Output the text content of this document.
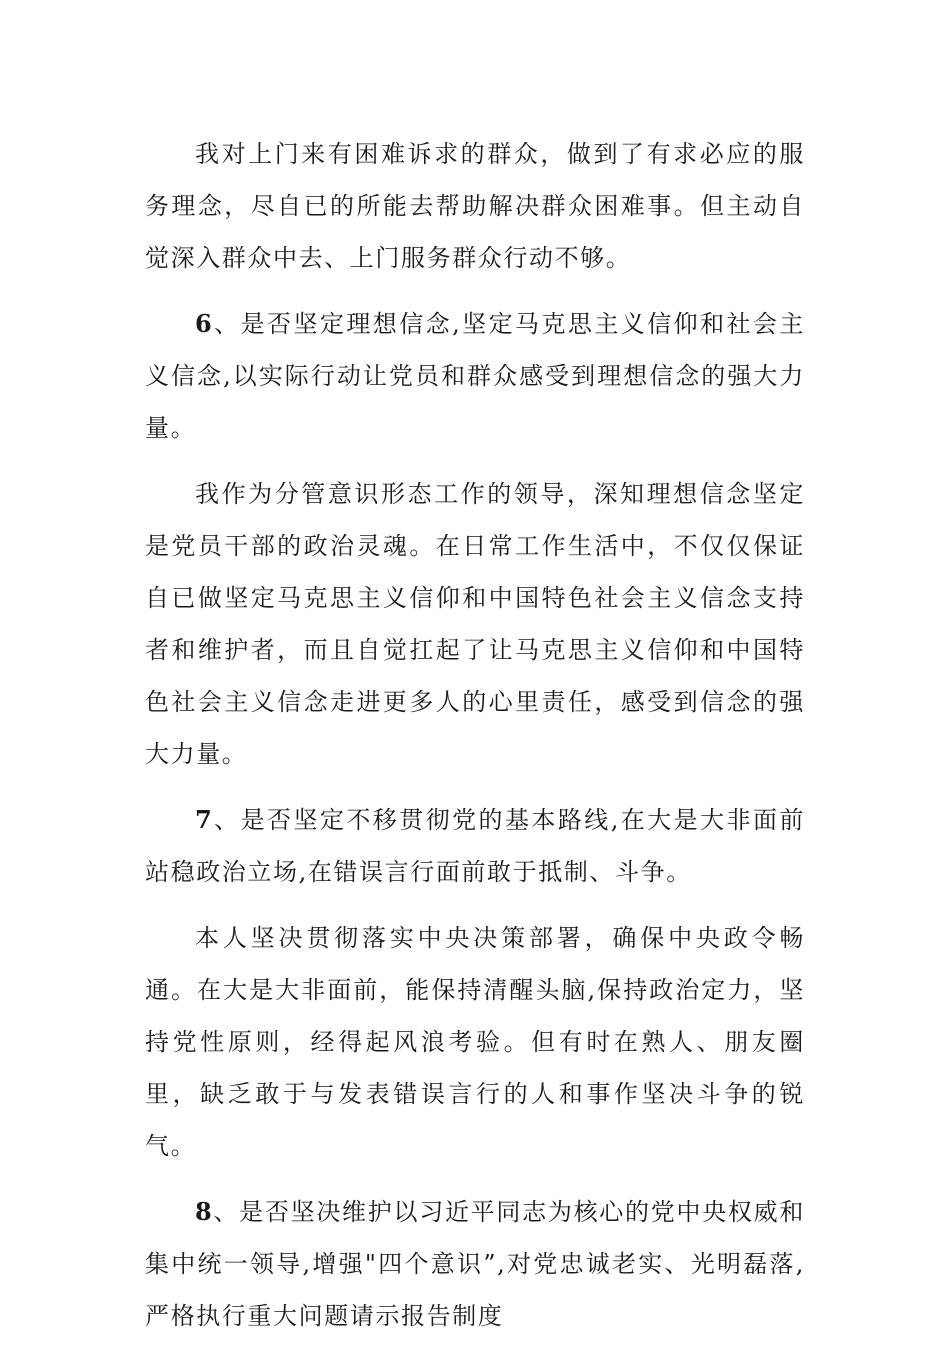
我对上门来有困难诉求的群众，做到了有求必应的服务理念，尽自已的所能去帮助解决群众困难事。但主动自觉深入群众中去、上门服务群众行动不够。

6、是否坚定理想信念,坚定马克思主义信仰和社会主义信念,以实际行动让党员和群众感受到理想信念的强大力量。

我作为分管意识形态工作的领导，深知理想信念坚定是党员干部的政治灵魂。在日常工作生活中，不仅仅保证自已做坚定马克思主义信仰和中国特色社会主义信念支持者和维护者，而且自觉扛起了让马克思主义信仰和中国特色社会主义信念走进更多人的心里责任，感受到信念的强大力量。

7、是否坚定不移贯彻党的基本路线,在大是大非面前站稳政治立场,在错误言行面前敢于抵制、斗争。

本人坚决贯彻落实中央决策部署，确保中央政令畅通。在大是大非面前，能保持清醒头脑,保持政治定力，坚持党性原则，经得起风浪考验。但有时在熟人、朋友圈里，缺乏敢于与发表错误言行的人和事作坚决斗争的锐气。

8、是否坚决维护以习近平同志为核心的党中央权威和集中统一领导,增强"四个意识”,对党忠诚老实、光明磊落,严格执行重大问题请示报告制度
